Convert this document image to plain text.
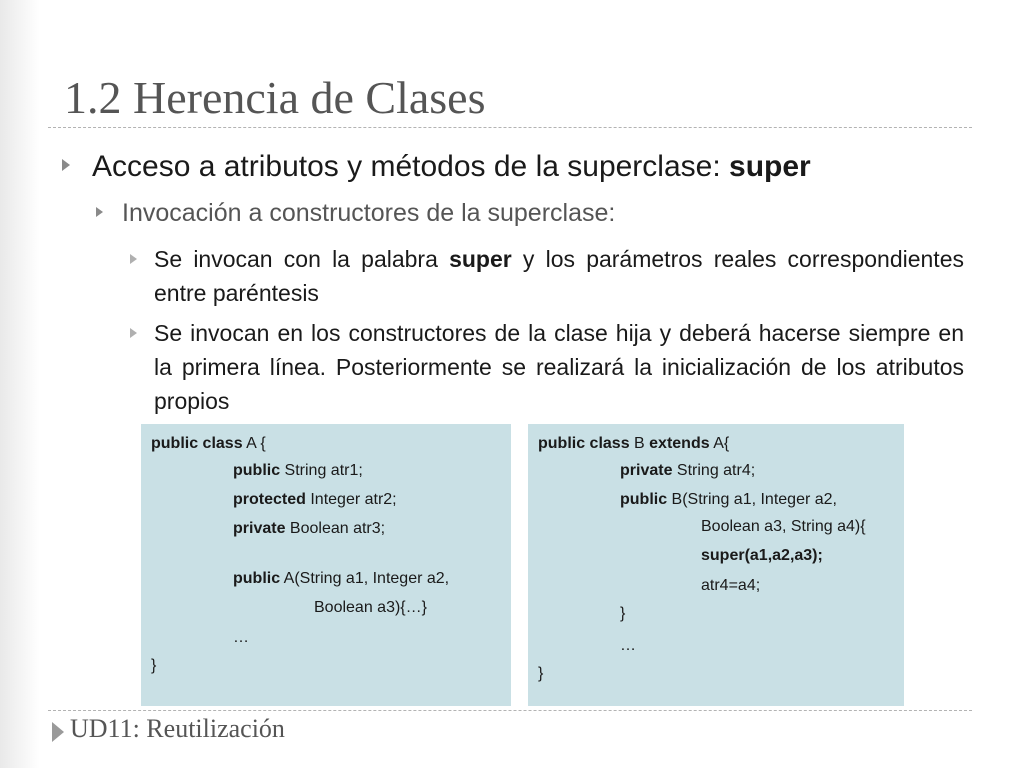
1.2 Herencia de Clases
Acceso a atributos y métodos de la superclase: super
Invocación a constructores de la superclase:
Se invocan con la palabra super y los parámetros reales correspondientes entre paréntesis
Se invocan en los constructores de la clase hija y deberá hacerse siempre en la primera línea. Posteriormente se realizará la inicialización de los atributos propios
public class A {
public String atr1;
protected Integer atr2;
private Boolean atr3;
public A(String a1, Integer a2,
Boolean a3){…}
…
}
public class B extends A{
private String atr4;
public B(String a1, Integer a2,
Boolean a3, String a4){
super(a1,a2,a3);
atr4=a4;
}
…
}
UD11: Reutilización
